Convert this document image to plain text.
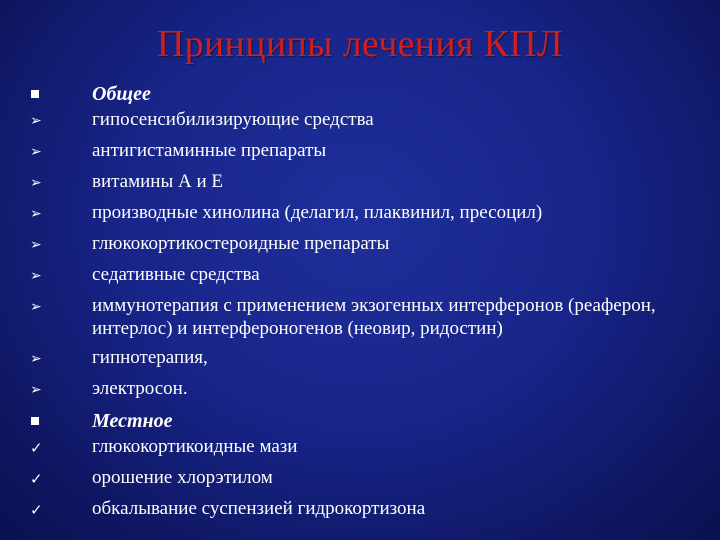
Принципы лечения КПЛ
Общее
➢	гипосенсибилизирующие средства
➢	антигистаминные препараты
➢	витамины А и Е
➢	производные хинолина (делагил, плаквинил, пресоцил)
➢	глюкокортикостероидные препараты
➢	седативные средства
➢	иммунотерапия с применением экзогенных интерферонов (реаферон, интерлос) и интерфероногенов (неовир, ридостин)
➢	гипнотерапия,
➢	электросон.
Местное
✓	глюкокортикоидные мази
✓	орошение хлорэтилом
✓	обкалывание суспензией гидрокортизона
